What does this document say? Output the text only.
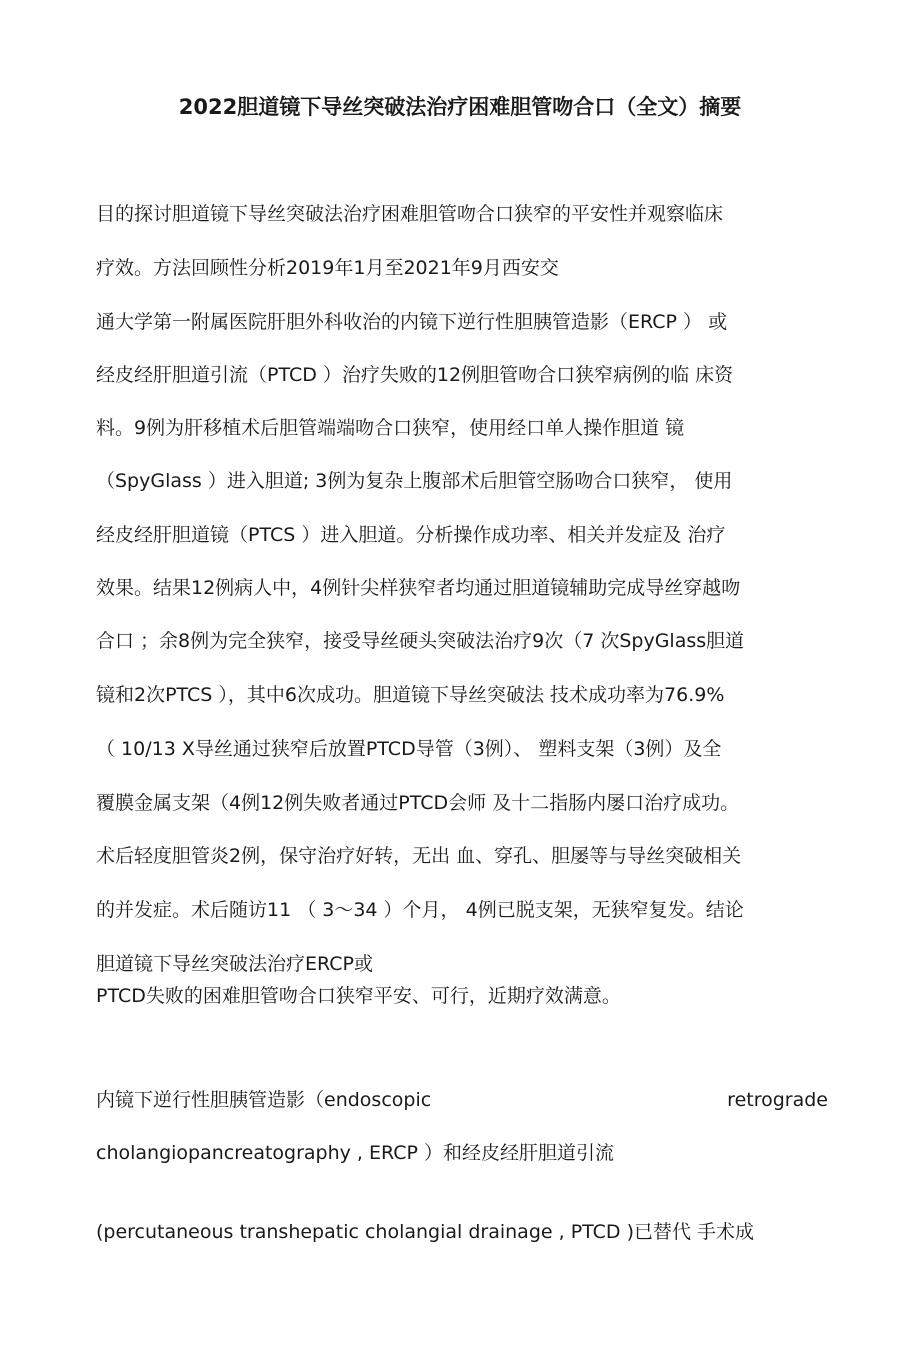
2022胆道镜下导丝突破法治疗困难胆管吻合口（全文）摘要
目的探讨胆道镜下导丝突破法治疗困难胆管吻合口狭窄的平安性并观察临床
疗效。方法回顾性分析2019年1月至2021年9月西安交
通大学第一附属医院肝胆外科收治的内镜下逆行性胆胰管造影（ERCP ） 或
经皮经肝胆道引流（PTCD ）治疗失败的12例胆管吻合口狭窄病例的临 床资
料。9例为肝移植术后胆管端端吻合口狭窄，使用经口单人操作胆道 镜
（SpyGlass ）进入胆道; 3例为复杂上腹部术后胆管空肠吻合口狭窄， 使用
经皮经肝胆道镜（PTCS ）进入胆道。分析操作成功率、相关并发症及 治疗
效果。结果12例病人中，4例针尖样狭窄者均通过胆道镜辅助完成导丝穿越吻
合口 ；余8例为完全狭窄，接受导丝硬头突破法治疗9次（7 次SpyGlass胆道
镜和2次PTCS ），其中6次成功。胆道镜下导丝突破法 技术成功率为76.9%
（ 10/13 X导丝通过狭窄后放置PTCD导管（3例）、 塑料支架（3例）及全
覆膜金属支架（4例12例失败者通过PTCD会师 及十二指肠内屡口治疗成功。
术后轻度胆管炎2例，保守治疗好转，无出 血、穿孔、胆屡等与导丝突破相关
的并发症。术后随访11 （ 3〜34 ）个月， 4例已脱支架，无狭窄复发。结论
胆道镜下导丝突破法治疗ERCP或
PTCD失败的困难胆管吻合口狭窄平安、可行，近期疗效满意。
内镜下逆行性胆胰管造影（endoscopic	retrograde
cholangiopancreatography , ERCP ）和经皮经肝胆道引流
(percutaneous transhepatic cholangial drainage , PTCD )已替代 手术成
